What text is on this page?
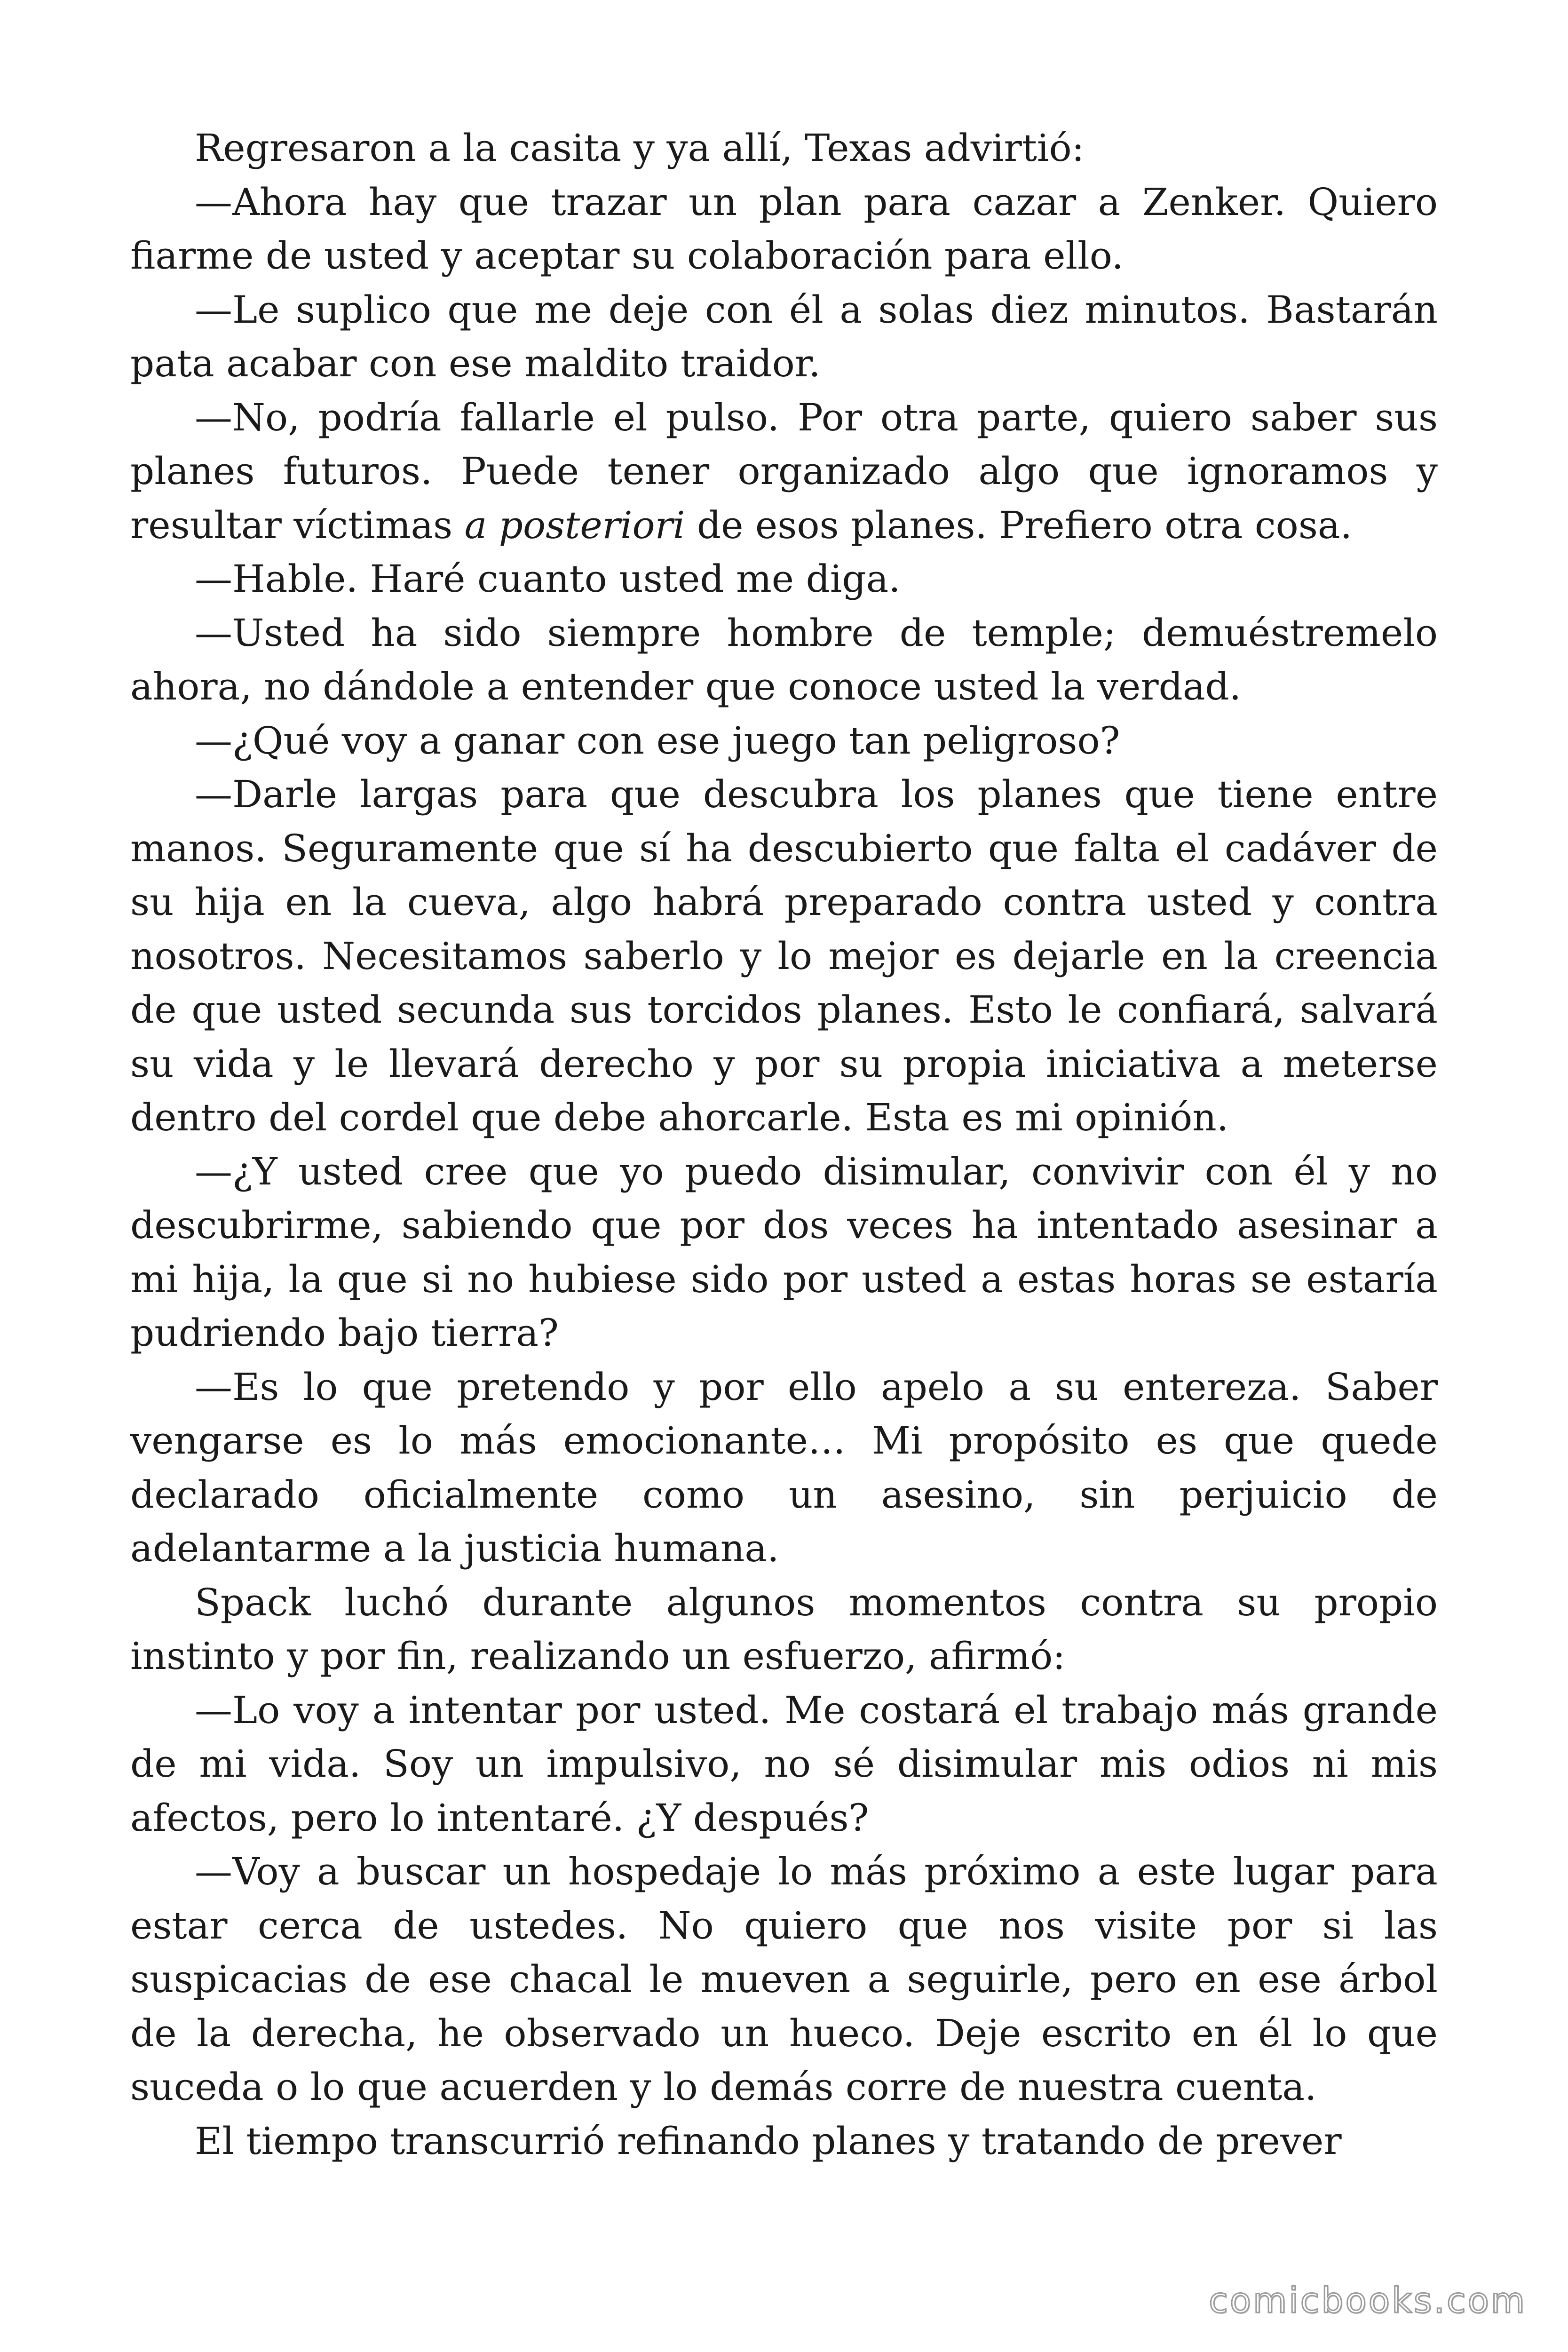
Regresaron a la casita y ya allí, Texas advirtió:

—Ahora hay que trazar un plan para cazar a Zenker. Quiero fiarme de usted y aceptar su colaboración para ello.

—Le suplico que me deje con él a solas diez minutos. Bastarán pata acabar con ese maldito traidor.

—No, podría fallarle el pulso. Por otra parte, quiero saber sus planes futuros. Puede tener organizado algo que ignoramos y resultar víctimas a posteriori de esos planes. Prefiero otra cosa.

—Hable. Haré cuanto usted me diga.

—Usted ha sido siempre hombre de temple; demuéstremelo ahora, no dándole a entender que conoce usted la verdad.

—¿Qué voy a ganar con ese juego tan peligroso?

—Darle largas para que descubra los planes que tiene entre manos. Seguramente que sí ha descubierto que falta el cadáver de su hija en la cueva, algo habrá preparado contra usted y contra nosotros. Necesitamos saberlo y lo mejor es dejarle en la creencia de que usted secunda sus torcidos planes. Esto le confiará, salvará su vida y le llevará derecho y por su propia iniciativa a meterse dentro del cordel que debe ahorcarle. Esta es mi opinión.

—¿Y usted cree que yo puedo disimular, convivir con él y no descubrirme, sabiendo que por dos veces ha intentado asesinar a mi hija, la que si no hubiese sido por usted a estas horas se estaría pudriendo bajo tierra?

—Es lo que pretendo y por ello apelo a su entereza. Saber vengarse es lo más emocionante… Mi propósito es que quede declarado oficialmente como un asesino, sin perjuicio de adelantarme a la justicia humana.

Spack luchó durante algunos momentos contra su propio instinto y por fin, realizando un esfuerzo, afirmó:

—Lo voy a intentar por usted. Me costará el trabajo más grande de mi vida. Soy un impulsivo, no sé disimular mis odios ni mis afectos, pero lo intentaré. ¿Y después?

—Voy a buscar un hospedaje lo más próximo a este lugar para estar cerca de ustedes. No quiero que nos visite por si las suspicacias de ese chacal le mueven a seguirle, pero en ese árbol de la derecha, he observado un hueco. Deje escrito en él lo que suceda o lo que acuerden y lo demás corre de nuestra cuenta.

El tiempo transcurrió refinando planes y tratando de prever

comicbooks.com
